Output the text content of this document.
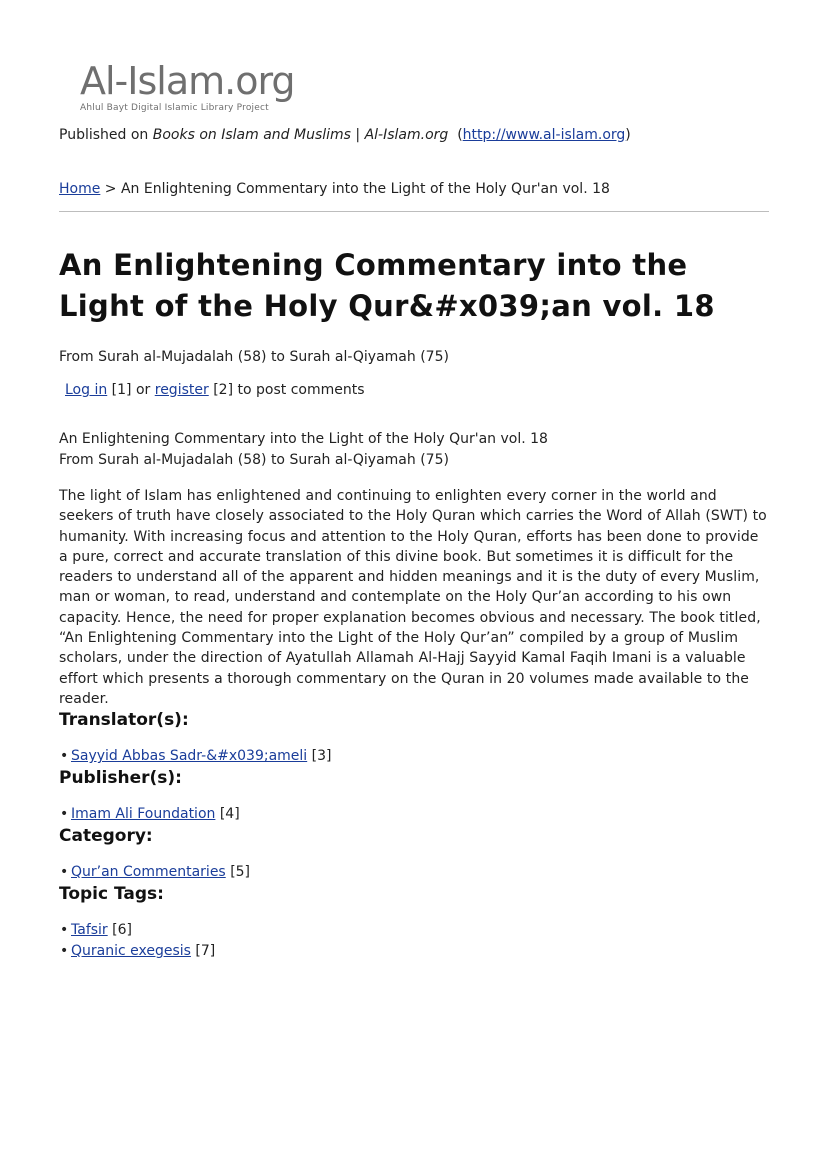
Al-Islam.org
Ahlul Bayt Digital Islamic Library Project
Published on Books on Islam and Muslims | Al-Islam.org (http://www.al-islam.org)
Home > An Enlightening Commentary into the Light of the Holy Qur'an vol. 18
An Enlightening Commentary into the Light of the Holy Qur&#x039;an vol. 18
From Surah al-Mujadalah (58) to Surah al-Qiyamah (75)
Log in [1] or register [2] to post comments
An Enlightening Commentary into the Light of the Holy Qur'an vol. 18
From Surah al-Mujadalah (58) to Surah al-Qiyamah (75)
The light of Islam has enlightened and continuing to enlighten every corner in the world and seekers of truth have closely associated to the Holy Quran which carries the Word of Allah (SWT) to humanity. With increasing focus and attention to the Holy Quran, efforts has been done to provide a pure, correct and accurate translation of this divine book. But sometimes it is difficult for the readers to understand all of the apparent and hidden meanings and it is the duty of every Muslim, man or woman, to read, understand and contemplate on the Holy Qur’an according to his own capacity. Hence, the need for proper explanation becomes obvious and necessary. The book titled, “An Enlightening Commentary into the Light of the Holy Qur’an” compiled by a group of Muslim scholars, under the direction of Ayatullah Allamah Al-Hajj Sayyid Kamal Faqih Imani is a valuable effort which presents a thorough commentary on the Quran in 20 volumes made available to the reader.
Translator(s):
• Sayyid Abbas Sadr-&#x039;ameli [3]
Publisher(s):
• Imam Ali Foundation [4]
Category:
• Qur’an Commentaries [5]
Topic Tags:
• Tafsir [6]
• Quranic exegesis [7]
